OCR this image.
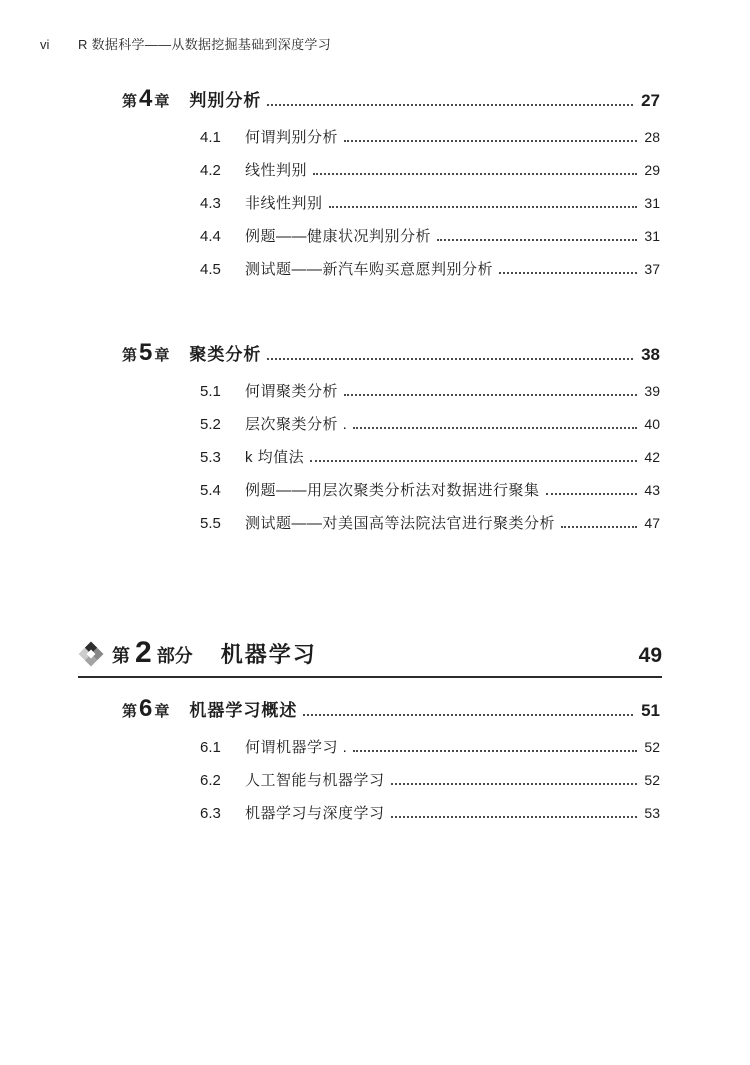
vi	R 数据科学——从数据挖掘基础到深度学习
第4 章 判别分析	27
4.1	何谓判别分析	28
4.2	线性判别	29
4.3	非线性判别	31
4.4	例题——健康状况判别分析	31
4.5	测试题——新汽车购买意愿判别分析	37
第5 章 聚类分析	38
5.1	何谓聚类分析	39
5.2	层次聚类分析 .	40
5.3	k 均值法	42
5.4	例题——用层次聚类分析法对数据进行聚集	43
5.5	测试题——对美国高等法院法官进行聚类分析	47
第 2 部分 机器学习	49
第6 章 机器学习概述	51
6.1	何谓机器学习 .	52
6.2	人工智能与机器学习	52
6.3	机器学习与深度学习	53
